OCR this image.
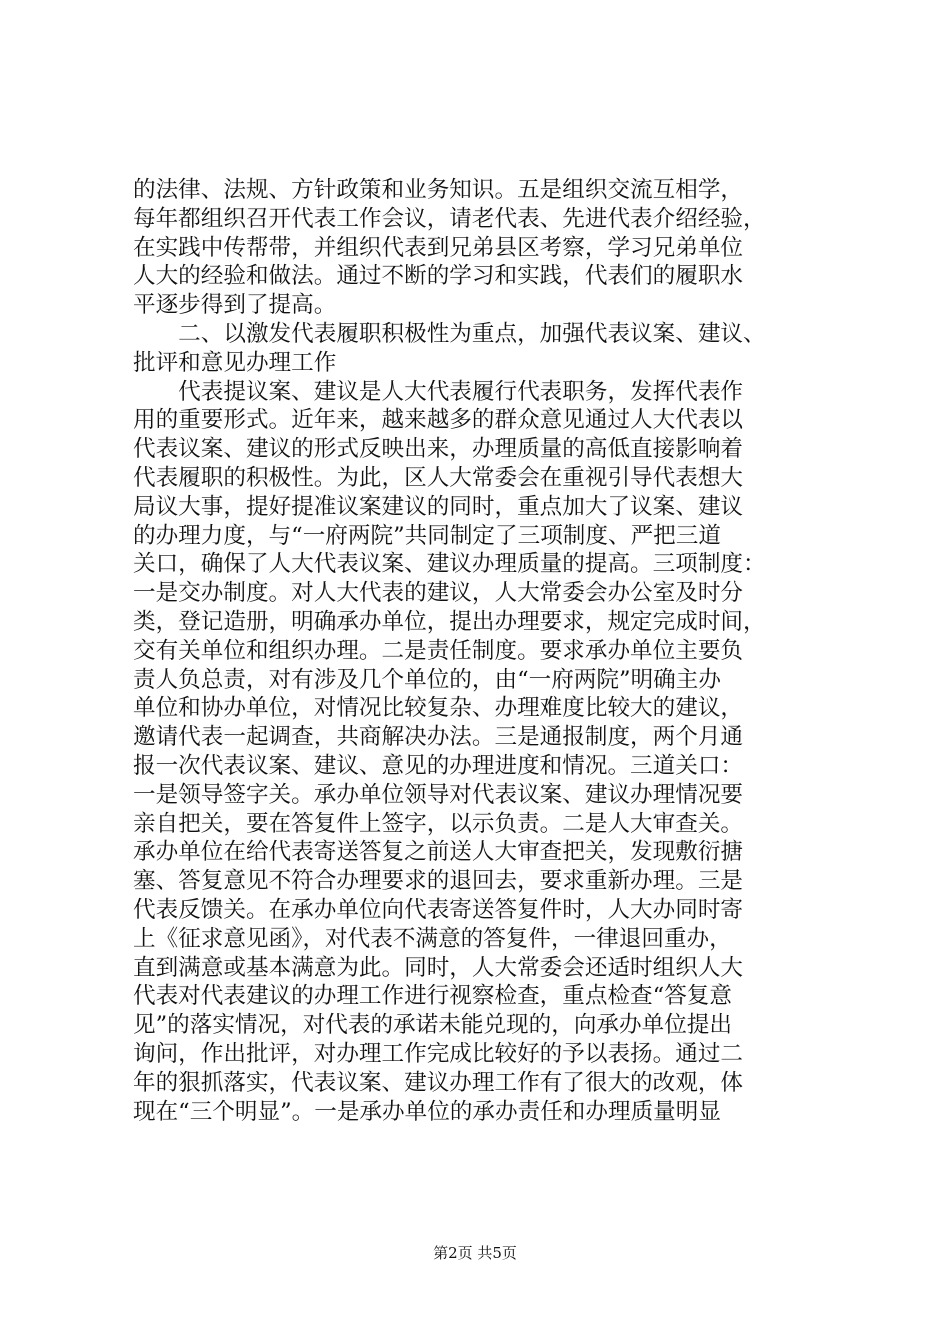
的法律、法规、方针政策和业务知识。五是组织交流互相学，
每年都组织召开代表工作会议，请老代表、先进代表介绍经验，
在实践中传帮带，并组织代表到兄弟县区考察，学习兄弟单位
人大的经验和做法。通过不断的学习和实践，代表们的履职水
平逐步得到了提高。
　　二、以激发代表履职积极性为重点，加强代表议案、建议、
批评和意见办理工作
　　代表提议案、建议是人大代表履行代表职务，发挥代表作
用的重要形式。近年来，越来越多的群众意见通过人大代表以
代表议案、建议的形式反映出来，办理质量的高低直接影响着
代表履职的积极性。为此，区人大常委会在重视引导代表想大
局议大事，提好提准议案建议的同时，重点加大了议案、建议
的办理力度，与“一府两院”共同制定了三项制度、严把三道
关口，确保了人大代表议案、建议办理质量的提高。三项制度：
一是交办制度。对人大代表的建议，人大常委会办公室及时分
类，登记造册，明确承办单位，提出办理要求，规定完成时间，
交有关单位和组织办理。二是责任制度。要求承办单位主要负
责人负总责，对有涉及几个单位的，由“一府两院”明确主办
单位和协办单位，对情况比较复杂、办理难度比较大的建议，
邀请代表一起调查，共商解决办法。三是通报制度，两个月通
报一次代表议案、建议、意见的办理进度和情况。三道关口：
一是领导签字关。承办单位领导对代表议案、建议办理情况要
亲自把关，要在答复件上签字，以示负责。二是人大审查关。
承办单位在给代表寄送答复之前送人大审查把关，发现敷衍搪
塞、答复意见不符合办理要求的退回去，要求重新办理。三是
代表反馈关。在承办单位向代表寄送答复件时，人大办同时寄
上《征求意见函》，对代表不满意的答复件，一律退回重办，
直到满意或基本满意为此。同时，人大常委会还适时组织人大
代表对代表建议的办理工作进行视察检查，重点检查“答复意
见”的落实情况，对代表的承诺未能兑现的，向承办单位提出
询问，作出批评，对办理工作完成比较好的予以表扬。通过二
年的狠抓落实，代表议案、建议办理工作有了很大的改观，体
现在“三个明显”。一是承办单位的承办责任和办理质量明显
第2页 共5页
